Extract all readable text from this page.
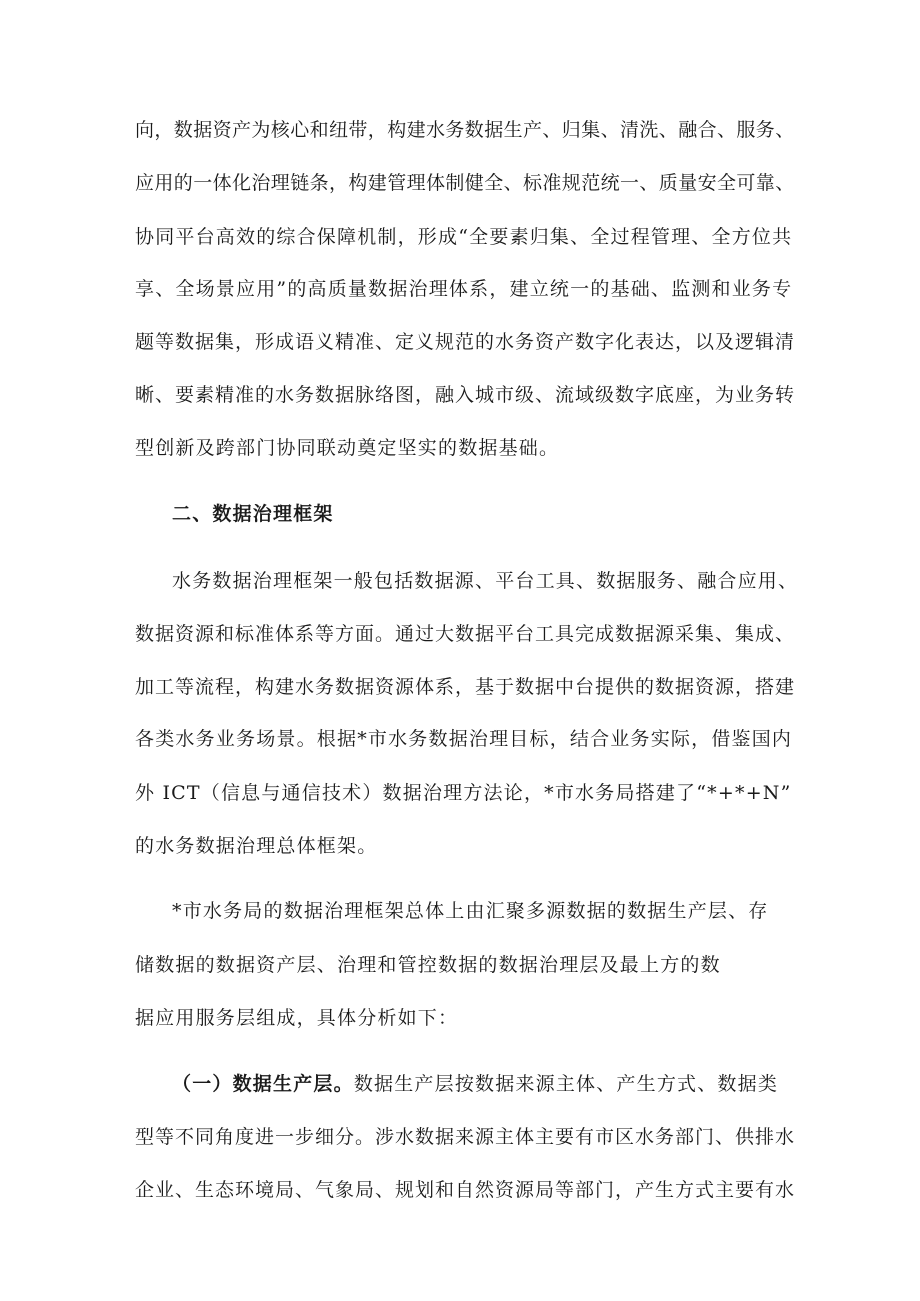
向，数据资产为核心和纽带，构建水务数据生产、归集、清洗、融合、服务、
应用的一体化治理链条，构建管理体制健全、标准规范统一、质量安全可靠、
协同平台高效的综合保障机制，形成“全要素归集、全过程管理、全方位共
享、全场景应用”的高质量数据治理体系，建立统一的基础、监测和业务专
题等数据集，形成语义精准、定义规范的水务资产数字化表达，以及逻辑清
晰、要素精准的水务数据脉络图，融入城市级、流域级数字底座，为业务转
型创新及跨部门协同联动奠定坚实的数据基础。
二、数据治理框架
水务数据治理框架一般包括数据源、平台工具、数据服务、融合应用、
数据资源和标准体系等方面。通过大数据平台工具完成数据源采集、集成、
加工等流程，构建水务数据资源体系，基于数据中台提供的数据资源，搭建
各类水务业务场景。根据*市水务数据治理目标，结合业务实际，借鉴国内
外 ICT（信息与通信技术）数据治理方法论，*市水务局搭建了“*+*+N”
的水务数据治理总体框架。
*市水务局的数据治理框架总体上由汇聚多源数据的数据生产层、存
储数据的数据资产层、治理和管控数据的数据治理层及最上方的数
据应用服务层组成，具体分析如下：
（一）数据生产层。数据生产层按数据来源主体、产生方式、数据类
型等不同角度进一步细分。涉水数据来源主体主要有市区水务部门、供排水
企业、生态环境局、气象局、规划和自然资源局等部门，产生方式主要有水
